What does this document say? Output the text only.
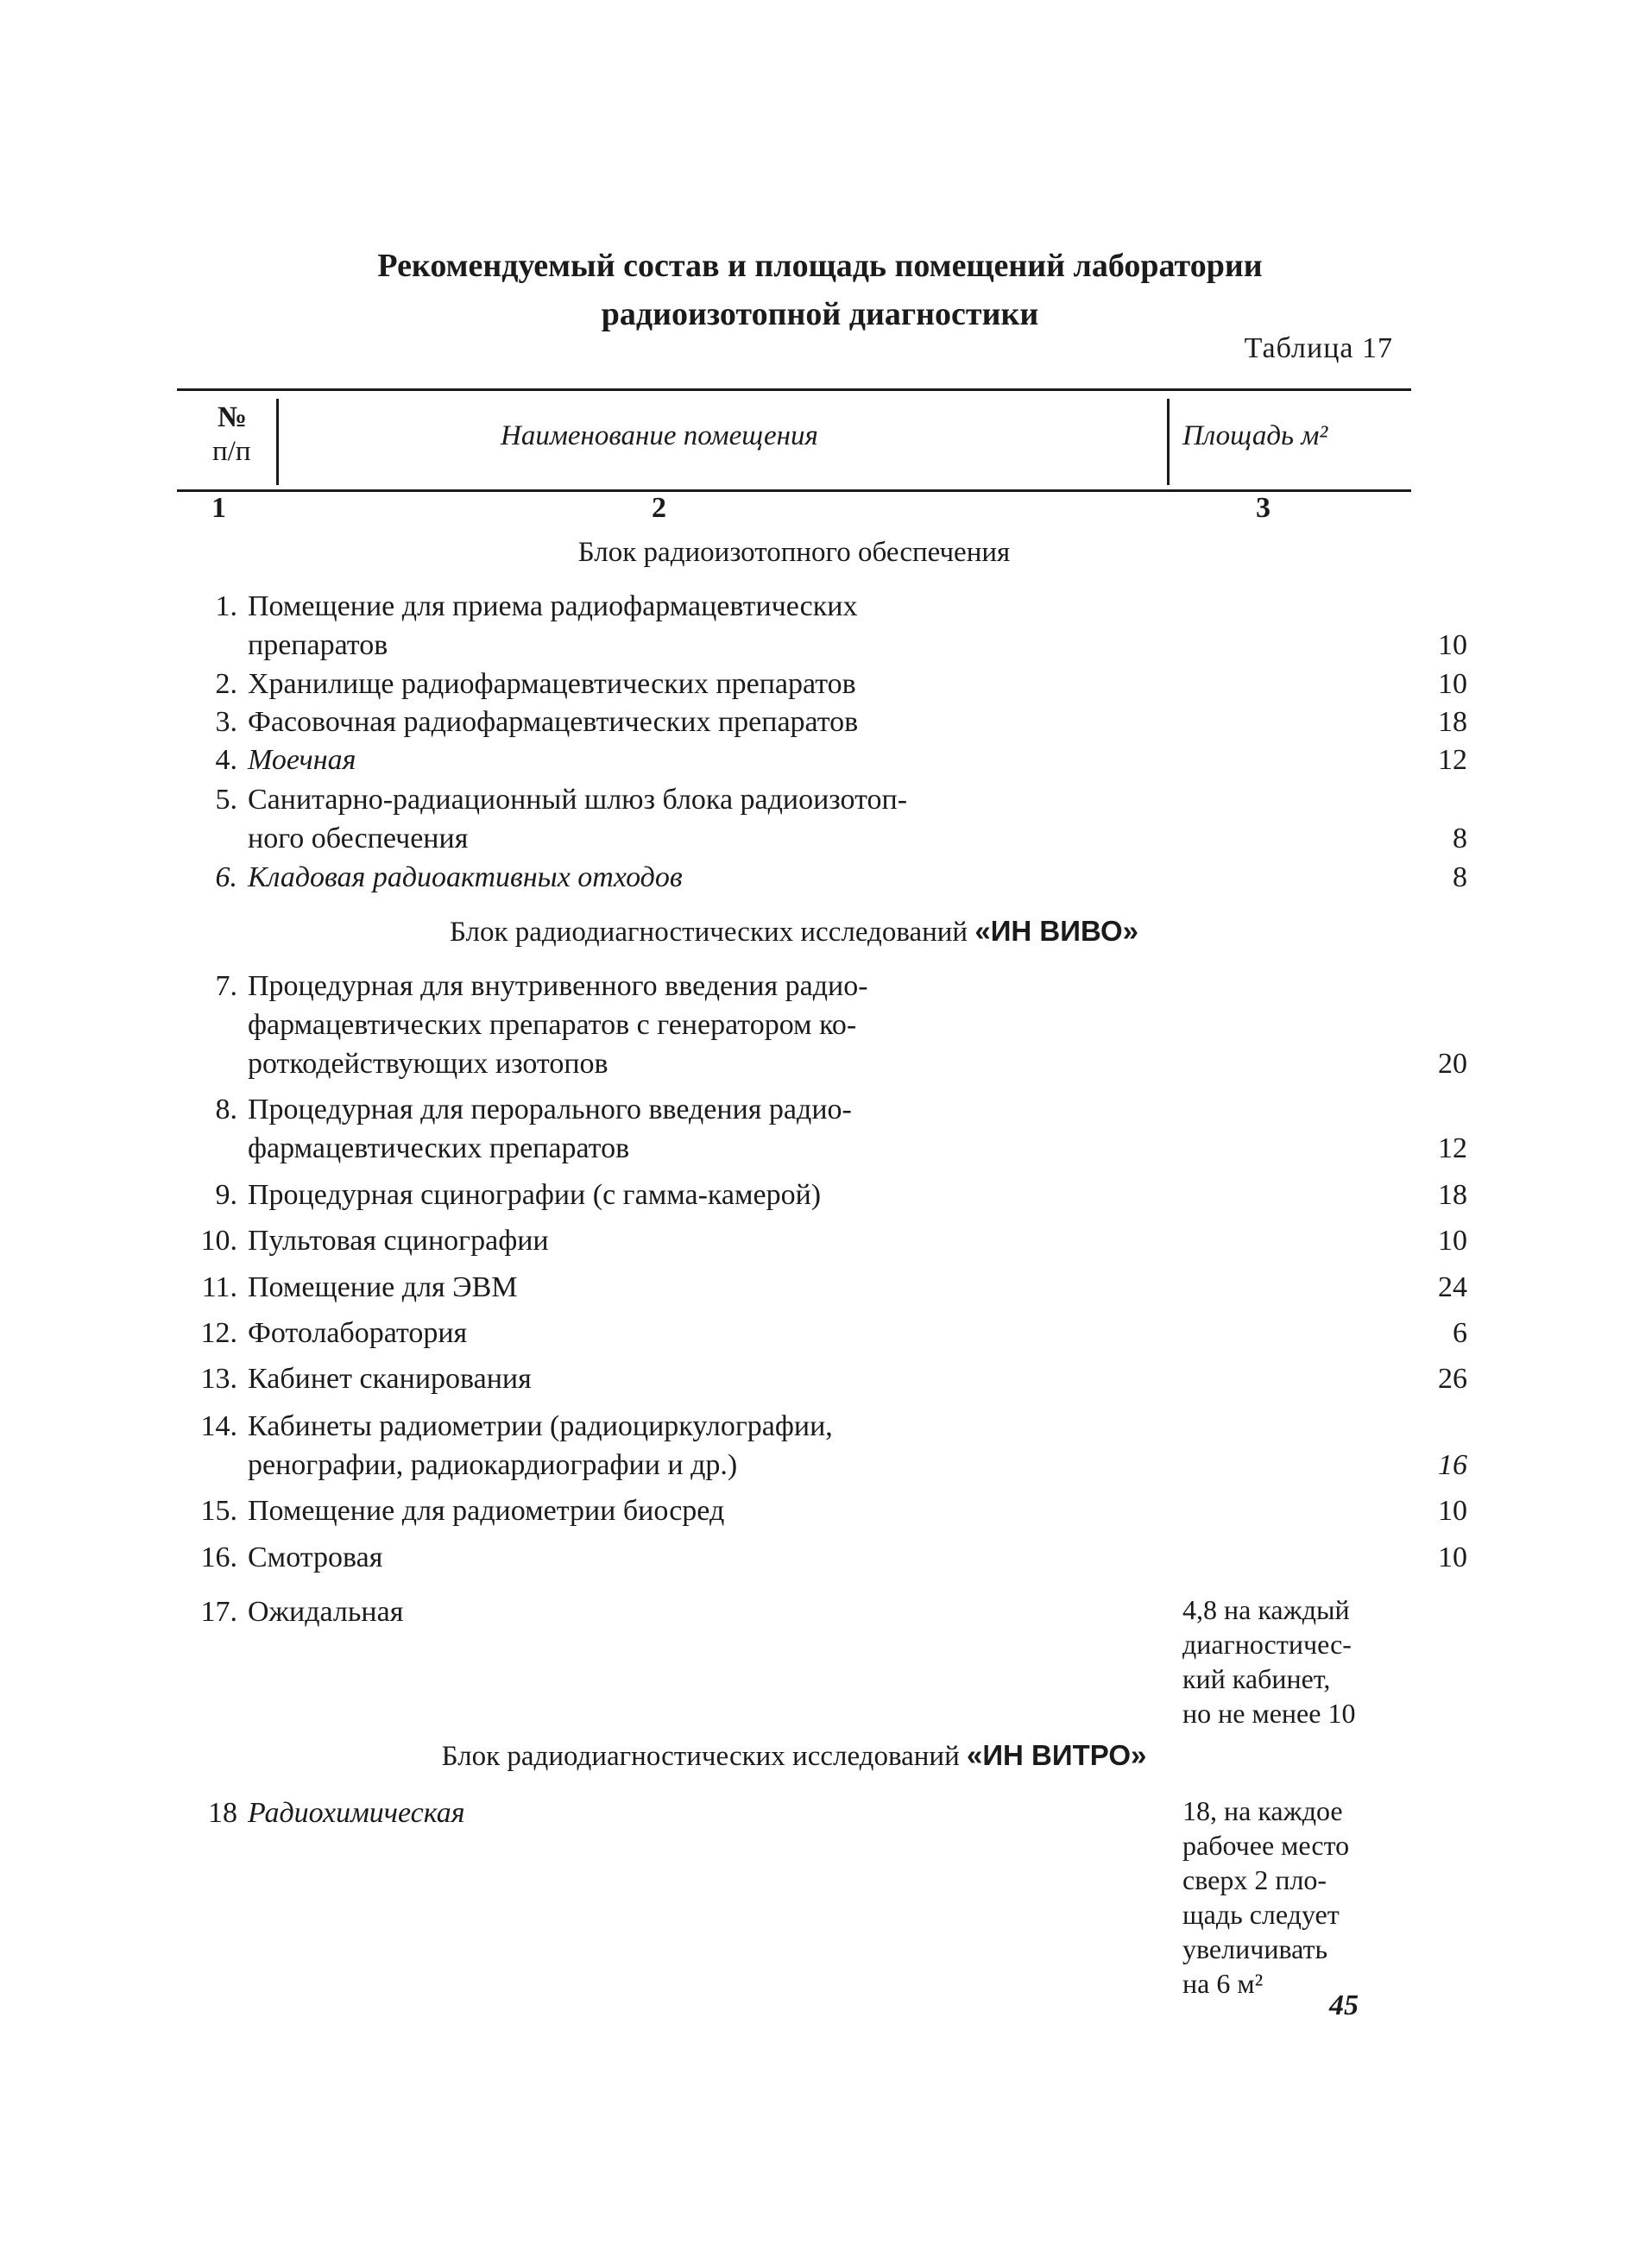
Рекомендуемый состав и площадь помещений лаборатории
радиоизотопной диагностики
Таблица 17
№
п/п	Наименование помещения	Площадь м²
1	2	3
Блок радиоизотопного обеспечения
1. Помещение для приема радиофармацевтических
препаратов	10
2. Хранилище радиофармацевтических препаратов	10
3. Фасовочная радиофармацевтических препаратов	18
4. Моечная	12
5. Санитарно-радиационный шлюз блока радиоизотоп-
ного обеспечения	8
6. Кладовая радиоактивных отходов	8
Блок радиодиагностических исследований «ИН ВИВО»
7. Процедурная для внутривенного введения радио-
фармацевтических препаратов с генератором ко-
роткодействующих изотопов	20
8. Процедурная для перорального введения радио-
фармацевтических препаратов	12
9. Процедурная сцинографии (с гамма-камерой)	18
10. Пультовая сцинографии	10
11. Помещение для ЭВМ	24
12. Фотолаборатория	6
13. Кабинет сканирования	26
14. Кабинеты радиометрии (радиоциркулографии,
ренографии, радиокардиографии и др.)	16
15. Помещение для радиометрии биосред	10
16. Смотровая	10
17. Ожидальная	4,8 на каждый
диагностичес-
кий кабинет,
но не менее 10
Блок радиодиагностических исследований «ИН ВИТРО»
18 Радиохимическая	18, на каждое
рабочее место
сверх 2 пло-
щадь следует
увеличивать
на 6 м²
45
